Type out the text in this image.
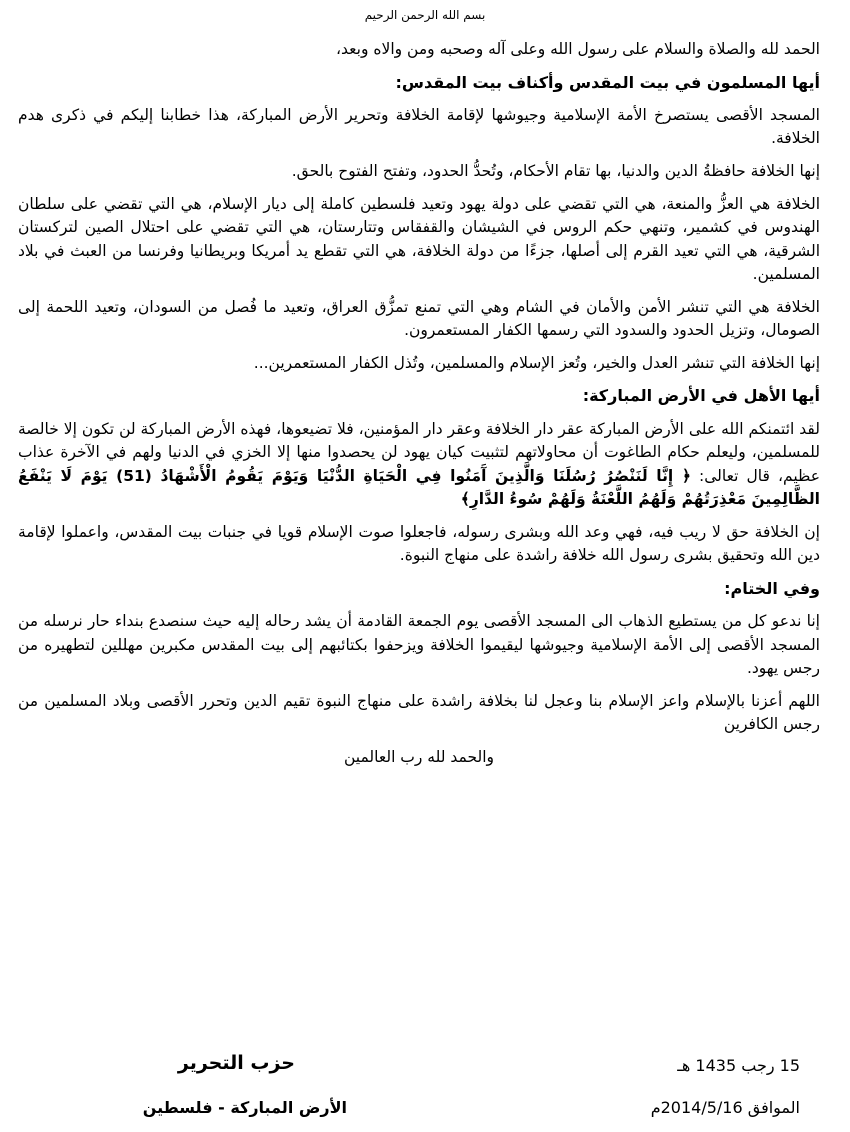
بسم الله الرحمن الرحيم

الحمد لله والصلاة والسلام على رسول الله وعلى آله وصحبه ومن والاه وبعد،

أيها المسلمون في بيت المقدس وأكناف بيت المقدس:

المسجد الأقصى يستصرخ الأمة الإسلامية وجيوشها لإقامة الخلافة وتحرير الأرض المباركة، هذا خطابنا إليكم في ذكرى هدم الخلافة.

إنها الخلافة حافظةُ الدين والدنيا، بها تقام الأحكام، وتُحدُّ الحدود، وتفتح الفتوح بالحق.

الخلافة هي العزُّ والمنعة، هي التي تقضي على دولة يهود وتعيد فلسطين كاملة إلى ديار الإسلام، هي التي تقضي على سلطان الهندوس في كشمير، وتنهي حكم الروس في الشيشان والقفقاس وتتارستان، هي التي تقضي على احتلال الصين لتركستان الشرقية، هي التي تعيد القرم إلى أصلها، جزءًا من دولة الخلافة، هي التي تقطع يد أمريكا وبريطانيا وفرنسا من العبث في بلاد المسلمين.

الخلافة هي التي تنشر الأمن والأمان في الشام وهي التي تمنع تمزُّق العراق، وتعيد ما فُصل من السودان، وتعيد اللحمة إلى الصومال، وتزيل الحدود والسدود التي رسمها الكفار المستعمرون.

إنها الخلافة التي تنشر العدل والخير، وتُعز الإسلام والمسلمين، وتُذل الكفار المستعمرين...

أيها الأهل في الأرض المباركة:

لقد ائتمنكم الله على الأرض المباركة عقر دار الخلافة وعقر دار المؤمنين، فلا تضيعوها، فهذه الأرض المباركة لن تكون إلا خالصة للمسلمين، وليعلم حكام الطاغوت أن محاولاتهم لتثبيت كيان يهود لن يحصدوا منها إلا الخزي في الدنيا ولهم في الآخرة عذاب عظيم، قال تعالى: ﴿ إِنَّا لَنَنْصُرُ رُسُلَنَا وَالَّذِينَ آَمَنُوا فِي الْحَيَاةِ الدُّنْيَا وَيَوْمَ يَقُومُ الْأَشْهَادُ (51) يَوْمَ لَا يَنْفَعُ الظَّالِمِينَ مَعْذِرَتُهُمْ وَلَهُمُ اللَّعْنَةُ وَلَهُمْ سُوءُ الدَّارِ﴾

إن الخلافة حق لا ريب فيه، فهي وعد الله وبشرى رسوله، فاجعلوا صوت الإسلام قويا في جنبات بيت المقدس، واعملوا لإقامة دين الله وتحقيق بشرى رسول الله خلافة راشدة على منهاج النبوة.

وفي الختام:

إنا ندعو كل من يستطيع الذهاب الى المسجد الأقصى يوم الجمعة القادمة أن يشد رحاله إليه حيث سنصدع بنداء حار نرسله من المسجد الأقصى إلى الأمة الإسلامية وجيوشها ليقيموا الخلافة ويزحفوا بكتائبهم إلى بيت المقدس مكبرين مهللين لتطهيره من رجس يهود.

اللهم أعزنا بالإسلام واعز الإسلام بنا وعجل لنا بخلافة راشدة على منهاج النبوة تقيم الدين وتحرر الأقصى وبلاد المسلمين من رجس الكافرين

والحمد لله رب العالمين

حزب التحرير
الأرض المباركة - فلسطين
15 رجب 1435 هـ
الموافق 2014/5/16م
